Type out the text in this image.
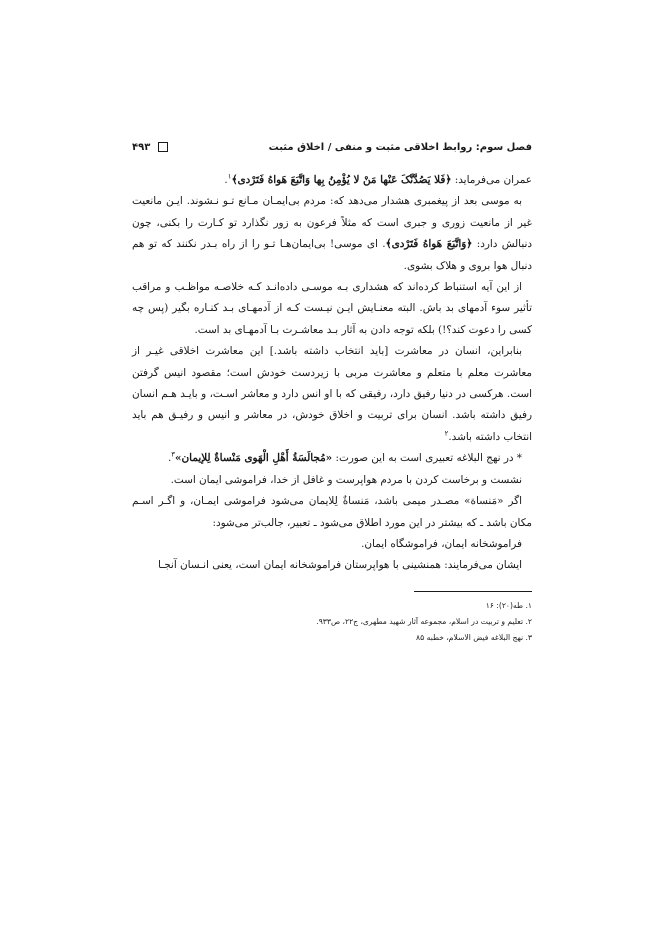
فصل سوم: روابط اخلاقی مثبت و منفی / اخلاق مثبت
۴۹۳

عمران می‌فرماید: ﴿فَلا یَصُدَّنَّکَ عَنْها مَنْ لا یُؤْمِنُ بِها وَاتَّبَعَ هَواهُ فَتَرْدی﴾$^۱$.

به موسی بعد از پیغمبری هشدار می‌دهد که: مردم بی‌ایمـان مـانع تـو نـشوند. ایـن مانعیت غیر از مانعیت زوری و جبری است که مثلاً فرعون به زور نگذارد تو کـارت را بکنی، چون دنبالش دارد: ﴿وَاتَّبَعَ هَواهُ فَتَرْدی﴾. ای موسی! بی‌ایمان‌هـا تـو را از راه بـدر نکنند که تو هم دنبال هوا بروی و هلاک بشوی.

از این آیه استنباط کرده‌اند که هشداری بـه موسـی داده‌انـد کـه خلاصـه مواظـب و مراقب تأثیر سوء آدمهای بد باش. البته معنـایش ایـن نیـست کـه از آدمهـای بـد کنـاره بگیر (پس چه کسی را دعوت کند؟!) بلکه توجه دادن به آثار بـد معاشـرت بـا آدمهـای بد است.

بنابراین، انسان در معاشرت [باید انتخاب داشته باشد.] این معاشرت اخلاقی غیـر از معاشرت معلم با متعلم و معاشرت مربی با زیردست خودش است؛ مقصود انیس گرفتن است. هرکسی در دنیا رفیق دارد، رفیقی که با او انس دارد و معاشر اسـت، و بایـد هـم انسان رفیق داشته باشد. انسان برای تربیت و اخلاق خودش، در معاشر و انیس و رفیـق هم باید انتخاب داشته باشد.$^۲$

* در نهج البلاغه تعبیری است به این صورت: «مُجالَسَةُ أَهْلِ الْهَوی مَنْساةٌ لِلإیمان»$^۳$.

نشست و برخاست کردن با مردم هواپرست و غافل از خدا، فراموشی ایمان است.

اگر «مَنساة» مصـدر میمی باشد، مَنساةٌ لِلایمان می‌شود فراموشی ایمـان، و اگـر اسـم مکان باشد ـ که بیشتر در این مورد اطلاق می‌شود ـ تعبیر، جالب‌تر می‌شود:

فراموشخانه ایمان، فراموشگاه ایمان.

ایشان می‌فرمایند: همنشینی با هواپرستان فراموشخانه ایمان است، یعنی انـسان آنجـا

۱. طه(۲۰): ۱۶

۲. تعلیم و تربیت در اسلام، مجموعه آثار شهید مطهری، ج۲۲، ص۹۳۳.

۳. نهج البلاغه فیض الاسلام، خطبه ۸۵
